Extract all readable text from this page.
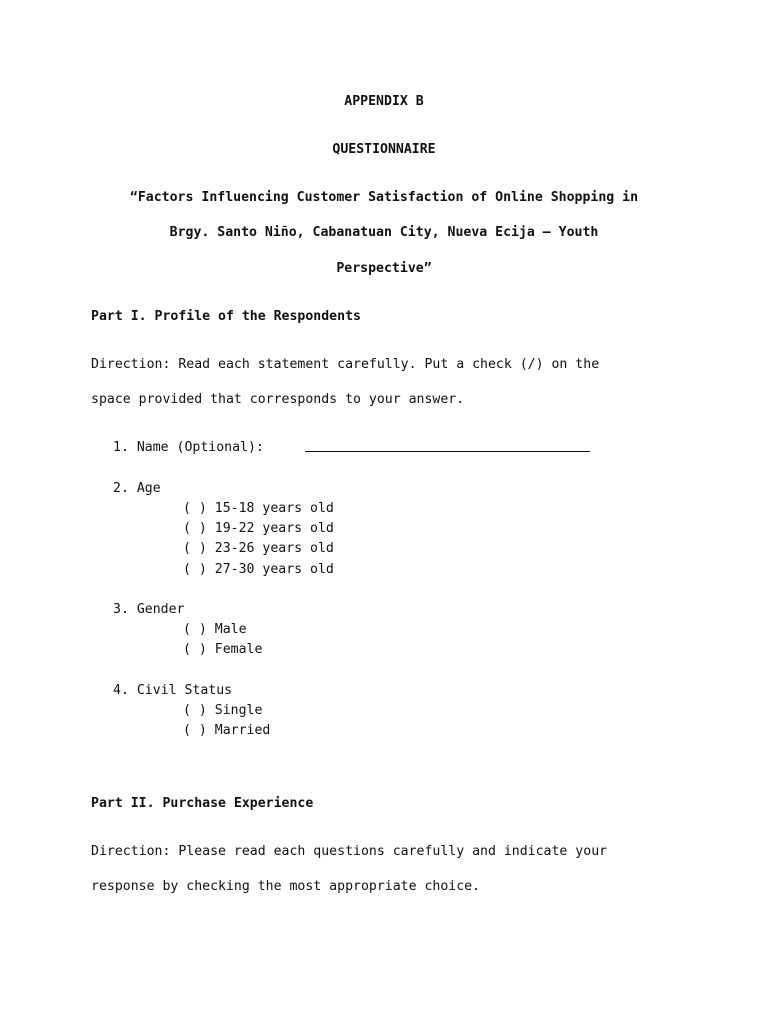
APPENDIX B
QUESTIONNAIRE
“Factors Influencing Customer Satisfaction of Online Shopping in
Brgy. Santo Niño, Cabanatuan City, Nueva Ecija – Youth
Perspective”
Part I. Profile of the Respondents
Direction: Read each statement carefully. Put a check (/) on the
space provided that corresponds to your answer.
1. Name (Optional):
2. Age
( ) 15-18 years old
( ) 19-22 years old
( ) 23-26 years old
( ) 27-30 years old
3. Gender
( ) Male
( ) Female
4. Civil Status
( ) Single
( ) Married
Part II. Purchase Experience
Direction: Please read each questions carefully and indicate your
response by checking the most appropriate choice.
